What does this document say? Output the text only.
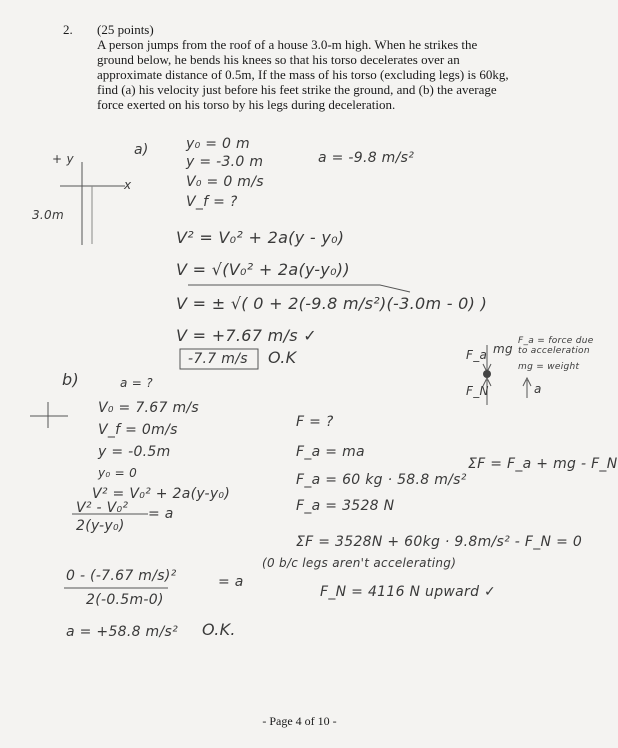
2. (25 points)
A person jumps from the roof of a house 3.0-m high. When he strikes the ground below, he bends his knees so that his torso decelerates over an approximate distance of 0.5m, If the mass of his torso (excluding legs) is 60kg, find (a) his velocity just before his feet strike the ground, and (b) the average force exerted on his torso by his legs during deceleration.
a)
+ y
x
3.0m
y₀ = 0 m
y = -3.0 m
V₀ = 0 m/s
V_f = ?
a = -9.8 m/s²
V² = V₀² + 2a(y - y₀)
V = √(V₀² + 2a(y-y₀))
V = ± √( 0 + 2(-9.8 m/s²)(-3.0m - 0) )
V = +7.67 m/s ✓
-7.7 m/s O.K
b)	a = ?
V₀ = 7.67 m/s
V_f = 0m/s
y = -0.5m
y₀ = 0
V² = V₀² + 2a(y-y₀)
V² - V₀² = a
2(y-y₀)
0 - (-7.67 m/s)²	= a
2(-0.5m-0)
a = +58.8 m/s² O.K.
F = ?
F_a = ma
F_a = 60 kg · 58.8 m/s²
F_a = 3528 N
ΣF = F_a + mg - F_N
ΣF = 3528N + 60kg · 9.8m/s² - F_N = 0
(0 b/c legs aren't accelerating)
F_N = 4116 N upward ✓
F_a mg
F_N
F_a = force due to acceleration
mg = weight
a
- Page 4 of 10 -
